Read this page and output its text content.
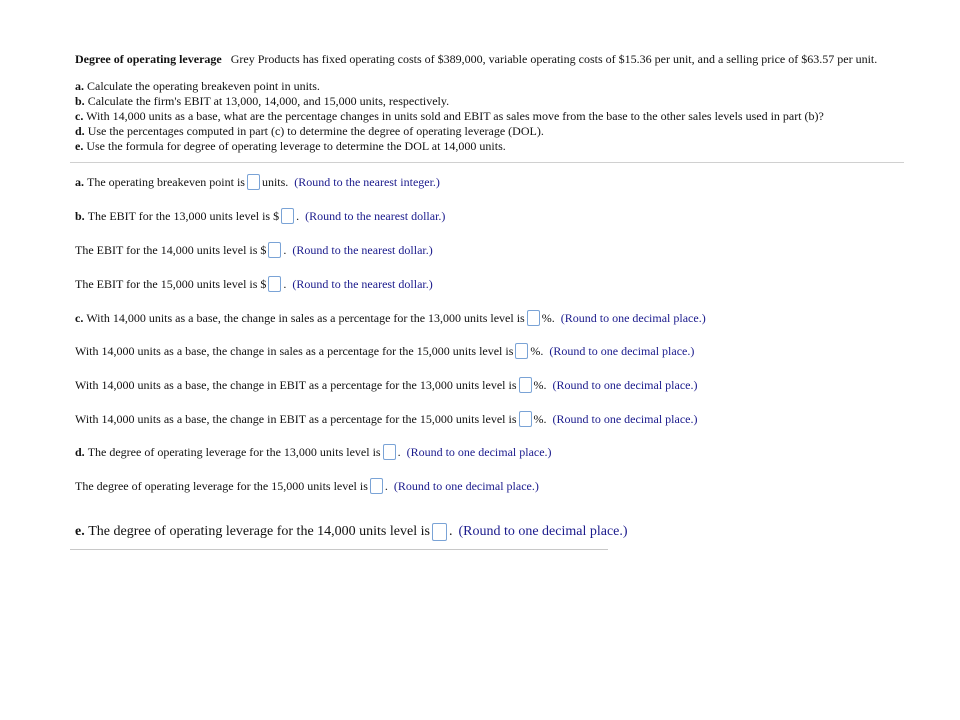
Degree of operating leverage Grey Products has fixed operating costs of $389,000, variable operating costs of $15.36 per unit, and a selling price of $63.57 per unit.
a. Calculate the operating breakeven point in units.
b. Calculate the firm's EBIT at 13,000, 14,000, and 15,000 units, respectively.
c. With 14,000 units as a base, what are the percentage changes in units sold and EBIT as sales move from the base to the other sales levels used in part (b)?
d. Use the percentages computed in part (c) to determine the degree of operating leverage (DOL).
e. Use the formula for degree of operating leverage to determine the DOL at 14,000 units.
a.
The operating breakeven point is units. (Round to the nearest integer.)
b.
The EBIT for the 13,000 units level is $ . (Round to the nearest dollar.)
The EBIT for the 14,000 units level is $ . (Round to the nearest dollar.)
The EBIT for the 15,000 units level is $ . (Round to the nearest dollar.)
c.
With 14,000 units as a base, the change in sales as a percentage for the 13,000 units level is %. (Round to one decimal place.)
With 14,000 units as a base, the change in sales as a percentage for the 15,000 units level is %. (Round to one decimal place.)
With 14,000 units as a base, the change in EBIT as a percentage for the 13,000 units level is %. (Round to one decimal place.)
With 14,000 units as a base, the change in EBIT as a percentage for the 15,000 units level is %. (Round to one decimal place.)
d.
The degree of operating leverage for the 13,000 units level is . (Round to one decimal place.)
The degree of operating leverage for the 15,000 units level is . (Round to one decimal place.)
e.
The degree of operating leverage for the 14,000 units level is . (Round to one decimal place.)
